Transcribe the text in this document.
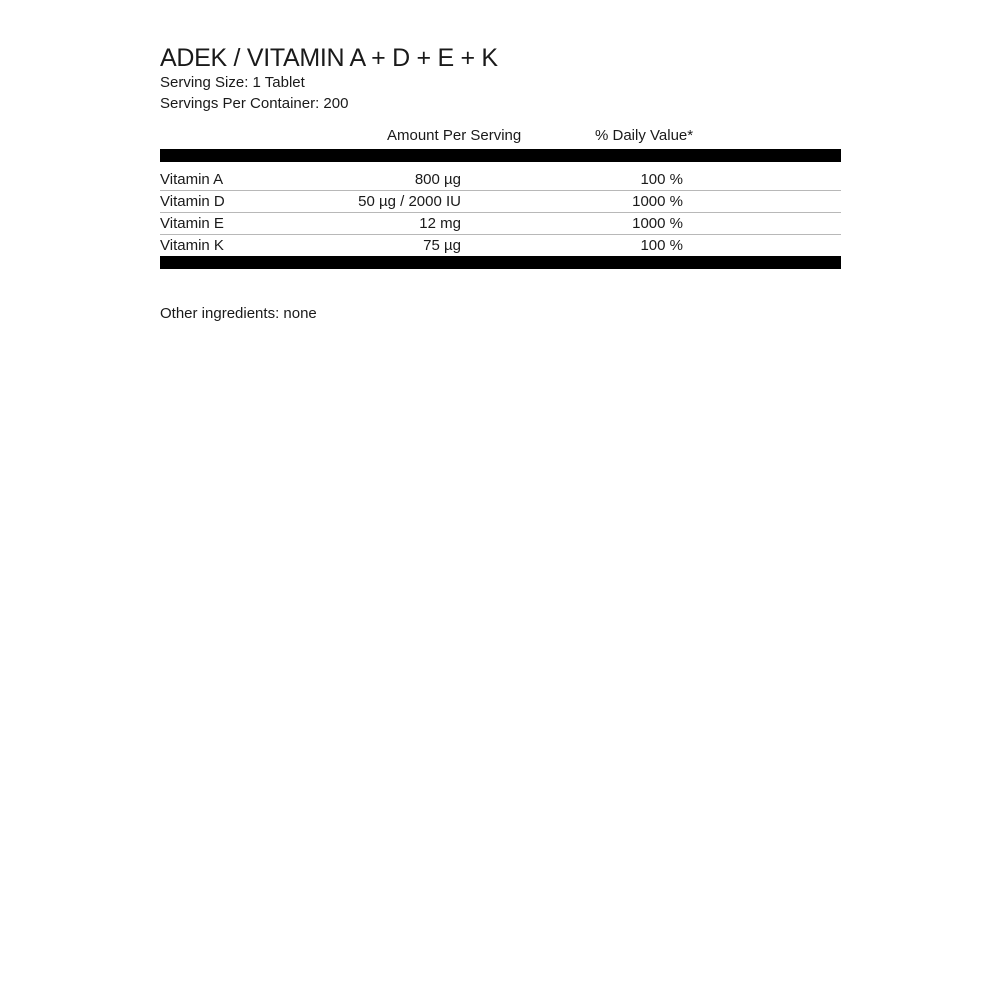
ADEK / VITAMIN A + D + E + K
Serving Size: 1 Tablet
Servings Per Container: 200
Amount Per Serving	% Daily Value*
Vitamin A	800 µg	100 %
Vitamin D	50 µg / 2000 IU	1000 %
Vitamin E	12 mg	1000 %
Vitamin K	75 µg	100 %
Other ingredients: none
